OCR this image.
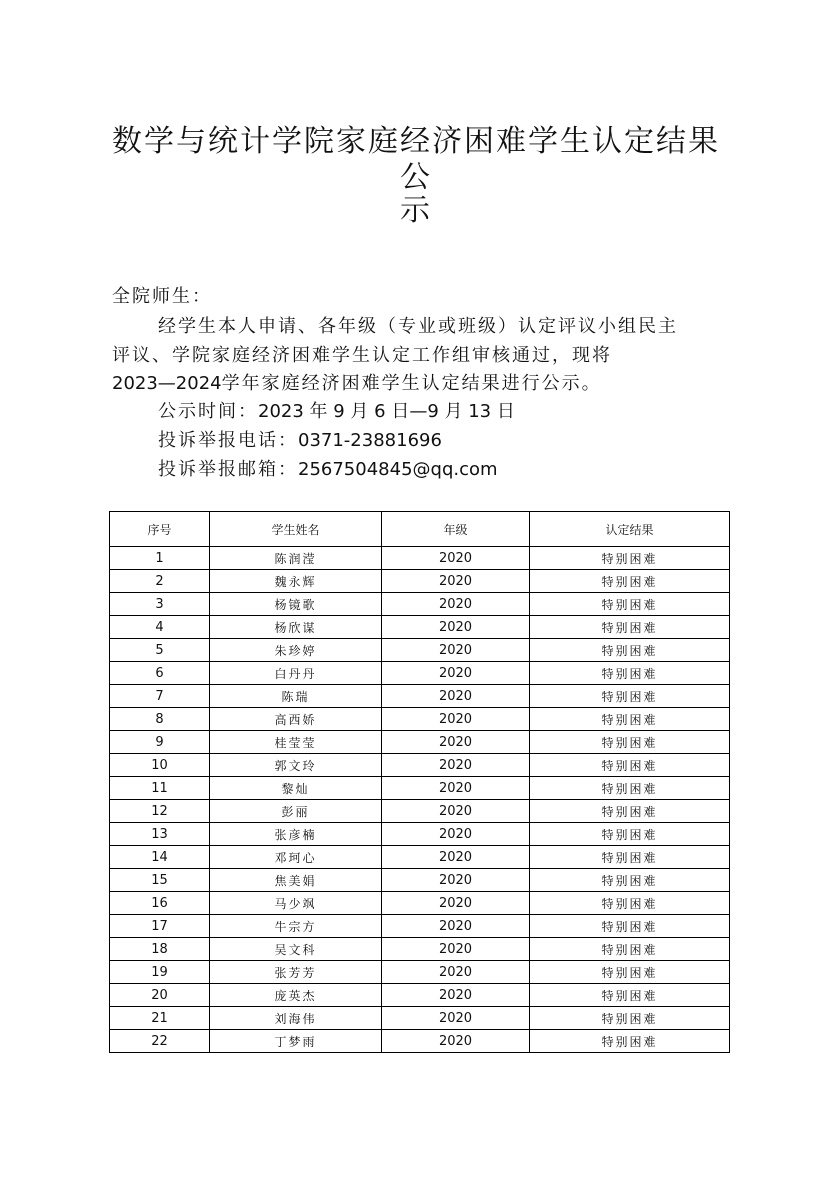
数学与统计学院家庭经济困难学生认定结果公
示
全院师生：
经学生本人申请、各年级（专业或班级）认定评议小组民主
评议、学院家庭经济困难学生认定工作组审核通过，现将
2023—2024学年家庭经济困难学生认定结果进行公示。
公示时间：2023 年 9 月 6 日—9 月 13 日
投诉举报电话：0371-23881696
投诉举报邮箱：2567504845@qq.com
序号	学生姓名	年级	认定结果
1	陈润滢	2020	特别困难
2	魏永辉	2020	特别困难
3	杨镜歌	2020	特别困难
4	杨欣谋	2020	特别困难
5	朱珍婷	2020	特别困难
6	白丹丹	2020	特别困难
7	陈瑞	2020	特别困难
8	高西娇	2020	特别困难
9	桂莹莹	2020	特别困难
10	郭文玲	2020	特别困难
11	黎灿	2020	特别困难
12	彭丽	2020	特别困难
13	张彦楠	2020	特别困难
14	邓珂心	2020	特别困难
15	焦美娟	2020	特别困难
16	马少飒	2020	特别困难
17	牛宗方	2020	特别困难
18	吴文科	2020	特别困难
19	张芳芳	2020	特别困难
20	庞英杰	2020	特别困难
21	刘海伟	2020	特别困难
22	丁梦雨	2020	特别困难
